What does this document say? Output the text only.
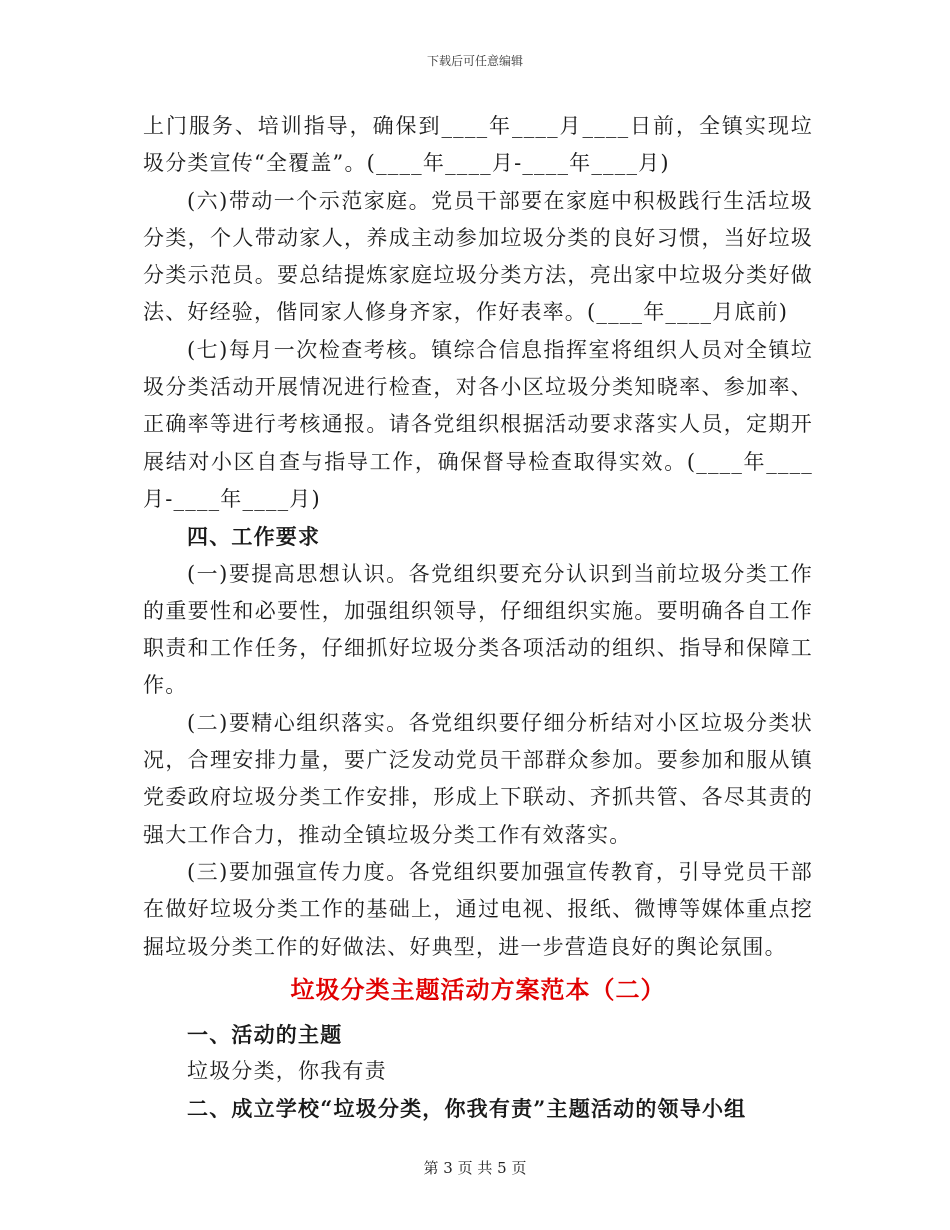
下载后可任意编辑

上门服务、培训指导，确保到____年____月____日前，全镇实现垃圾分类宣传“全覆盖”。(____年____月-____年____月)

(六)带动一个示范家庭。党员干部要在家庭中积极践行生活垃圾分类，个人带动家人，养成主动参加垃圾分类的良好习惯，当好垃圾分类示范员。要总结提炼家庭垃圾分类方法，亮出家中垃圾分类好做法、好经验，偕同家人修身齐家，作好表率。(____年____月底前)

(七)每月一次检查考核。镇综合信息指挥室将组织人员对全镇垃圾分类活动开展情况进行检查，对各小区垃圾分类知晓率、参加率、正确率等进行考核通报。请各党组织根据活动要求落实人员，定期开展结对小区自查与指导工作，确保督导检查取得实效。(____年____月-____年____月)

四、工作要求

(一)要提高思想认识。各党组织要充分认识到当前垃圾分类工作的重要性和必要性，加强组织领导，仔细组织实施。要明确各自工作职责和工作任务，仔细抓好垃圾分类各项活动的组织、指导和保障工作。

(二)要精心组织落实。各党组织要仔细分析结对小区垃圾分类状况，合理安排力量，要广泛发动党员干部群众参加。要参加和服从镇党委政府垃圾分类工作安排，形成上下联动、齐抓共管、各尽其责的强大工作合力，推动全镇垃圾分类工作有效落实。

(三)要加强宣传力度。各党组织要加强宣传教育，引导党员干部在做好垃圾分类工作的基础上，通过电视、报纸、微博等媒体重点挖掘垃圾分类工作的好做法、好典型，进一步营造良好的舆论氛围。

垃圾分类主题活动方案范本（二）

一、活动的主题

垃圾分类，你我有责

二、成立学校“垃圾分类，你我有责”主题活动的领导小组

第 3 页 共 5 页
